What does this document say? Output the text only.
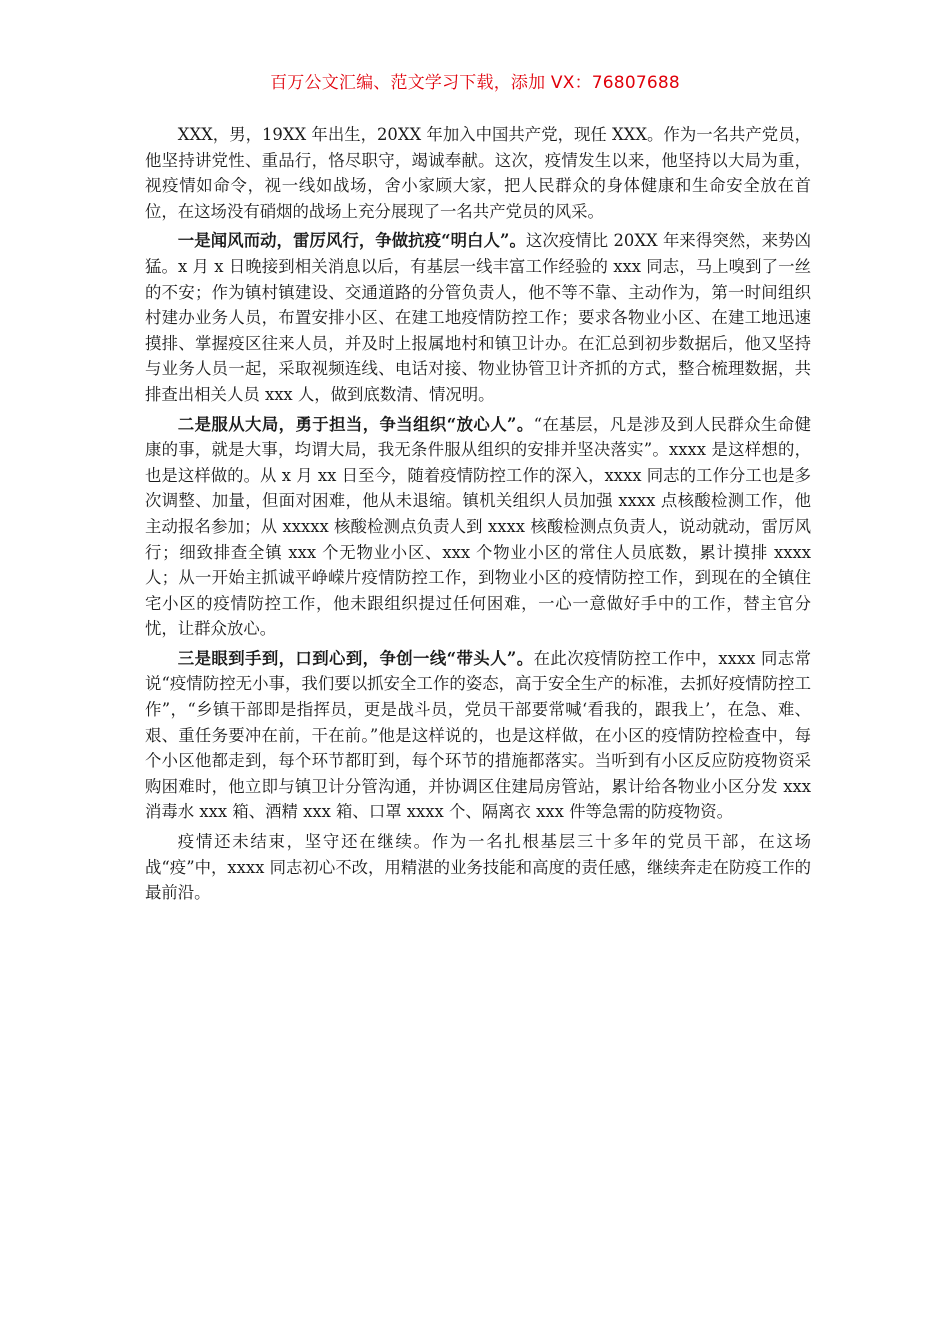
百万公文汇编、范文学习下载，添加 VX：76807688

XXX，男，19XX 年出生，20XX 年加入中国共产党，现任 XXX。作为一名共产党员，他坚持讲党性、重品行，恪尽职守，竭诚奉献。这次，疫情发生以来，他坚持以大局为重，视疫情如命令，视一线如战场，舍小家顾大家，把人民群众的身体健康和生命安全放在首位，在这场没有硝烟的战场上充分展现了一名共产党员的风采。

一是闻风而动，雷厉风行，争做抗疫“明白人”。这次疫情比 20XX 年来得突然，来势凶猛。x 月 x 日晚接到相关消息以后，有基层一线丰富工作经验的 xxx 同志，马上嗅到了一丝的不安；作为镇村镇建设、交通道路的分管负责人，他不等不靠、主动作为，第一时间组织村建办业务人员，布置安排小区、在建工地疫情防控工作；要求各物业小区、在建工地迅速摸排、掌握疫区往来人员，并及时上报属地村和镇卫计办。在汇总到初步数据后，他又坚持与业务人员一起，采取视频连线、电话对接、物业协管卫计齐抓的方式，整合梳理数据，共排查出相关人员 xxx 人，做到底数清、情况明。

二是服从大局，勇于担当，争当组织“放心人”。“在基层，凡是涉及到人民群众生命健康的事，就是大事，均谓大局，我无条件服从组织的安排并坚决落实”。xxxx 是这样想的，也是这样做的。从 x 月 xx 日至今，随着疫情防控工作的深入，xxxx 同志的工作分工也是多次调整、加量，但面对困难，他从未退缩。镇机关组织人员加强 xxxx 点核酸检测工作，他主动报名参加；从 xxxxx 核酸检测点负责人到 xxxx 核酸检测点负责人，说动就动，雷厉风行；细致排查全镇 xxx 个无物业小区、xxx 个物业小区的常住人员底数，累计摸排 xxxx 人；从一开始主抓诚平峥嵘片疫情防控工作，到物业小区的疫情防控工作，到现在的全镇住宅小区的疫情防控工作，他未跟组织提过任何困难，一心一意做好手中的工作，替主官分忧，让群众放心。

三是眼到手到，口到心到，争创一线“带头人”。在此次疫情防控工作中，xxxx 同志常说“疫情防控无小事，我们要以抓安全工作的姿态，高于安全生产的标准，去抓好疫情防控工作”，“乡镇干部即是指挥员，更是战斗员，党员干部要常喊‘看我的，跟我上’，在急、难、艰、重任务要冲在前，干在前。”他是这样说的，也是这样做，在小区的疫情防控检查中，每个小区他都走到，每个环节都盯到，每个环节的措施都落实。当听到有小区反应防疫物资采购困难时，他立即与镇卫计分管沟通，并协调区住建局房管站，累计给各物业小区分发 xxx 消毒水 xxx 箱、酒精 xxx 箱、口罩 xxxx 个、隔离衣 xxx 件等急需的防疫物资。

疫情还未结束，坚守还在继续。作为一名扎根基层三十多年的党员干部，在这场战“疫”中，xxxx 同志初心不改，用精湛的业务技能和高度的责任感，继续奔走在防疫工作的最前沿。
